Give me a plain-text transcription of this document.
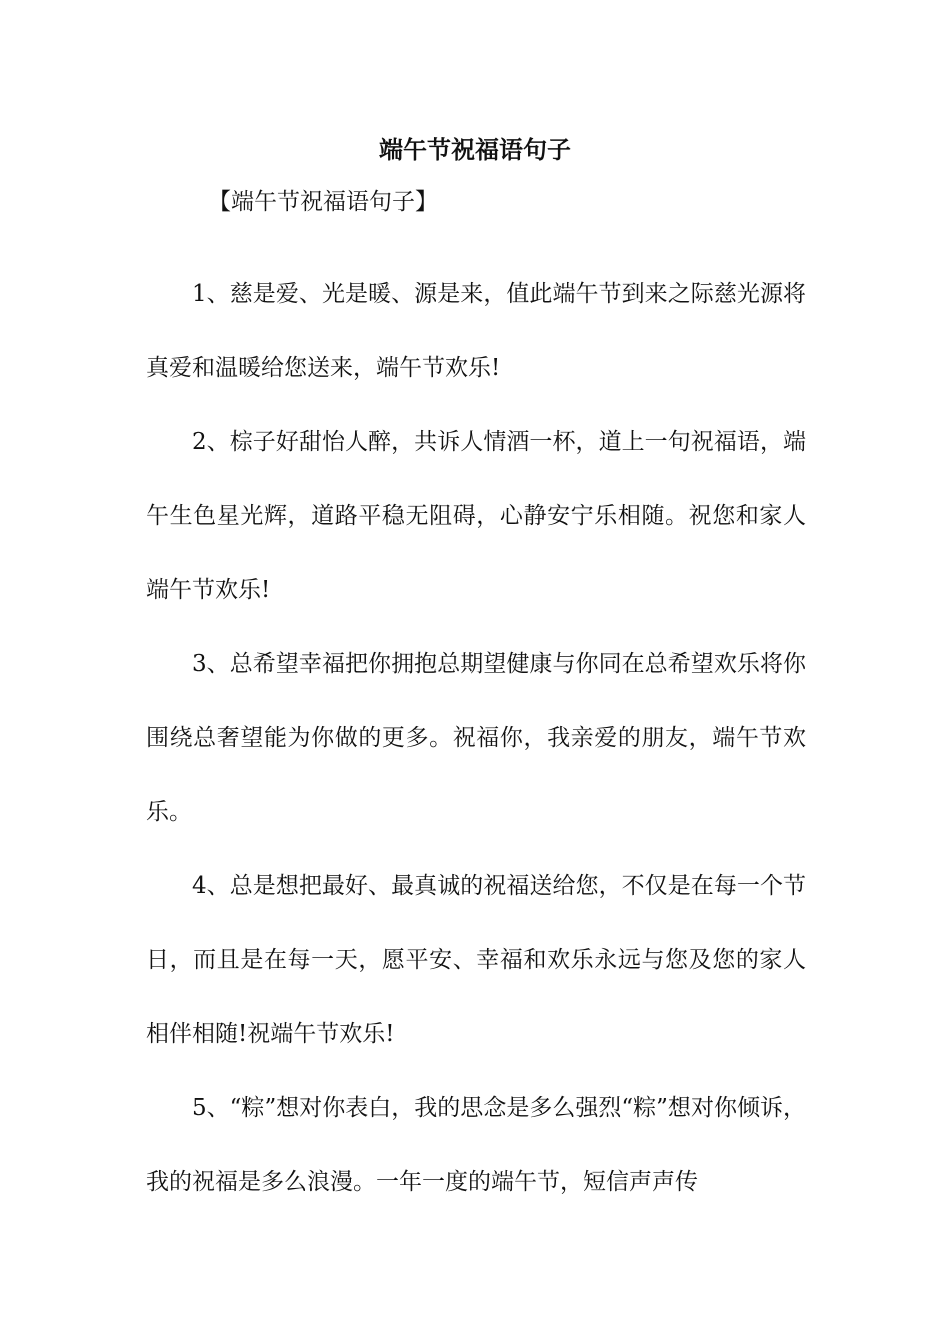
端午节祝福语句子
【端午节祝福语句子】

1、慈是爱、光是暖、源是来，值此端午节到来之际慈光源将真爱和温暖给您送来，端午节欢乐!

2、棕子好甜怡人醉，共诉人情酒一杯，道上一句祝福语，端午生色星光辉，道路平稳无阻碍，心静安宁乐相随。祝您和家人端午节欢乐!

3、总希望幸福把你拥抱总期望健康与你同在总希望欢乐将你围绕总奢望能为你做的更多。祝福你，我亲爱的朋友，端午节欢乐。

4、总是想把最好、最真诚的祝福送给您，不仅是在每一个节日，而且是在每一天，愿平安、幸福和欢乐永远与您及您的家人相伴相随!祝端午节欢乐!

5、“粽”想对你表白，我的思念是多么强烈“粽”想对你倾诉，我的祝福是多么浪漫。一年一度的端午节，短信声声传
